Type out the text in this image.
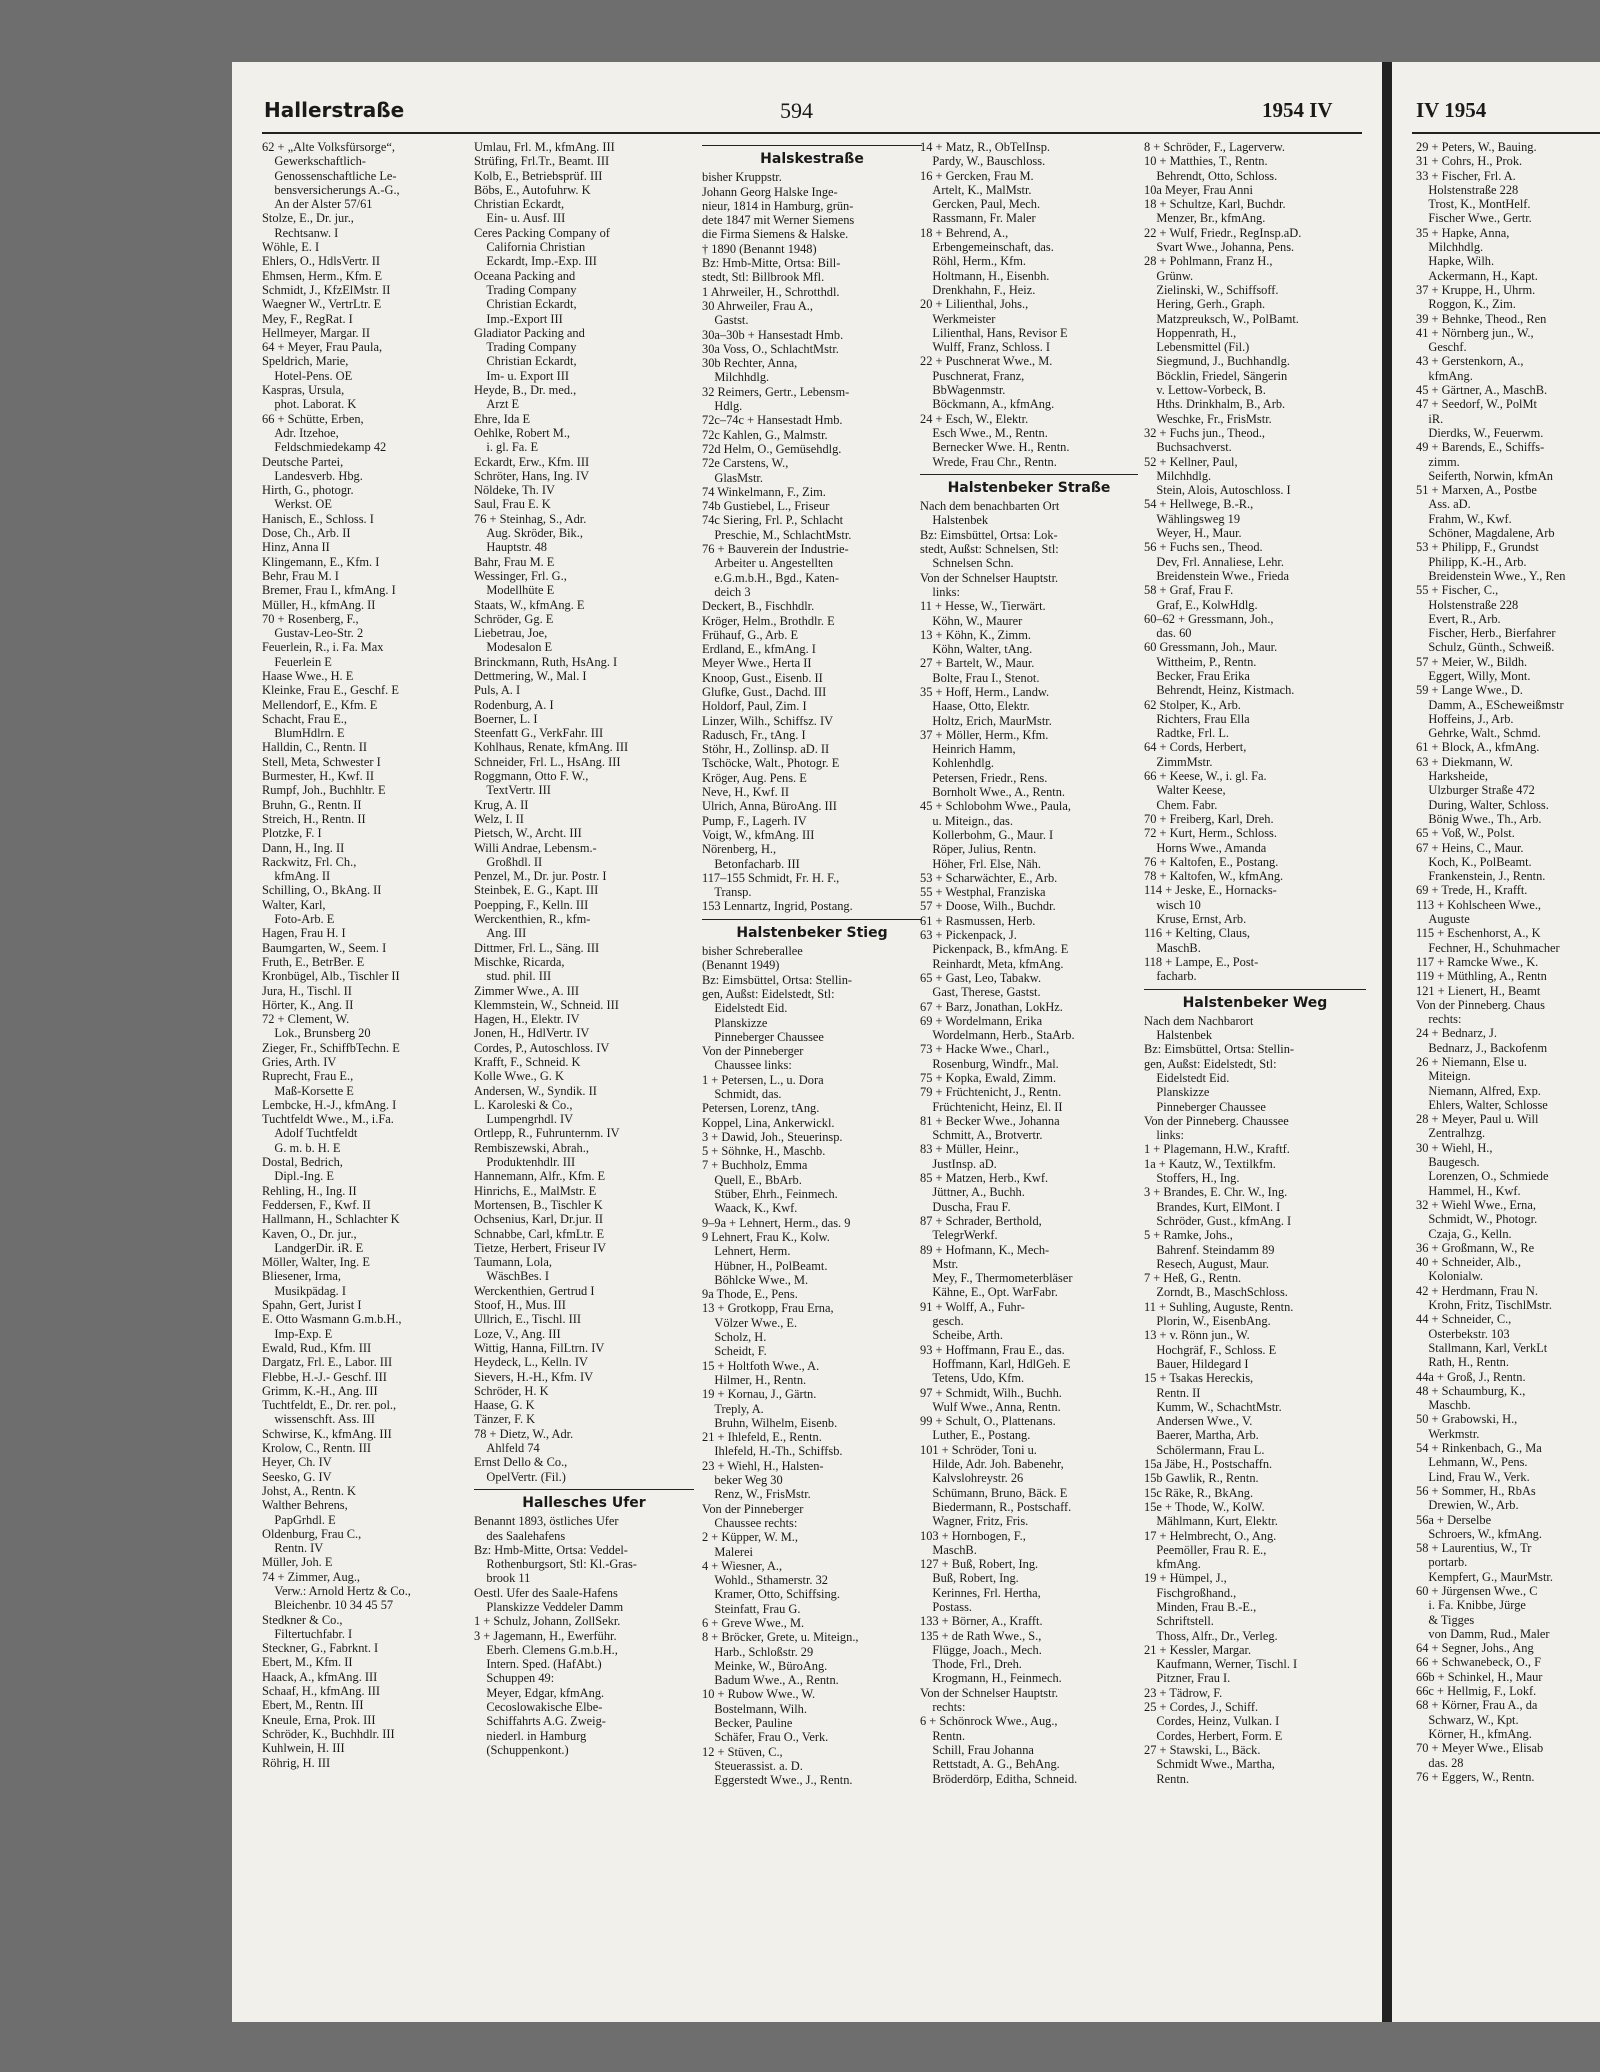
Hallerstraße	594	1954 IV
62 + „Alte Volksfürsorge“,
 Gewerkschaftlich-
 Genossenschaftliche Le-
 bensversicherungs A.-G.,
 An der Alster 57/61
Stolze, E., Dr. jur.,
 Rechtsanw. I
Wöhle, E. I
Ehlers, O., HdlsVertr. II
Ehmsen, Herm., Kfm. E
Schmidt, J., KfzElMstr. II
Waegner W., VertrLtr. E
Mey, F., RegRat. I
Hellmeyer, Margar. II
64 + Meyer, Frau Paula,
Speldrich, Marie,
 Hotel-Pens. OE
Kaspras, Ursula,
 phot. Laborat. K
66 + Schütte, Erben,
 Adr. Itzehoe,
 Feldschmiedekamp 42
Deutsche Partei,
 Landesverb. Hbg.
Hirth, G., photogr.
 Werkst. OE
Hanisch, E., Schloss. I
Dose, Ch., Arb. II
Hinz, Anna II
Klingemann, E., Kfm. I
Behr, Frau M. I
Bremer, Frau I., kfmAng. I
Müller, H., kfmAng. II
70 + Rosenberg, F.,
 Gustav-Leo-Str. 2
Feuerlein, R., i. Fa. Max
 Feuerlein E
Haase Wwe., H. E
Kleinke, Frau E., Geschf. E
Mellendorf, E., Kfm. E
Schacht, Frau E.,
 BlumHdlrn. E
Halldin, C., Rentn. II
Stell, Meta, Schwester I
Burmester, H., Kwf. II
Rumpf, Joh., Buchhltr. E
Bruhn, G., Rentn. II
Streich, H., Rentn. II
Plotzke, F. I
Dann, H., Ing. II
Rackwitz, Frl. Ch.,
 kfmAng. II
Schilling, O., BkAng. II
Walter, Karl,
 Foto-Arb. E
Hagen, Frau H. I
Baumgarten, W., Seem. I
Fruth, E., BetrBer. E
Kronbügel, Alb., Tischler II
Jura, H., Tischl. II
Hörter, K., Ang. II
72 + Clement, W.
 Lok., Brunsberg 20
Zieger, Fr., SchiffbTechn. E
Gries, Arth. IV
Ruprecht, Frau E.,
 Maß-Korsette E
Lembcke, H.-J., kfmAng. I
Tuchtfeldt Wwe., M., i.Fa.
 Adolf Tuchtfeldt
 G. m. b. H. E
Dostal, Bedrich,
 Dipl.-Ing. E
Rehling, H., Ing. II
Feddersen, F., Kwf. II
Hallmann, H., Schlachter K
Kaven, O., Dr. jur.,
 LandgerDir. iR. E
Möller, Walter, Ing. E
Bliesener, Irma,
 Musikpädag. I
Spahn, Gert, Jurist I
E. Otto Wasmann G.m.b.H.,
 Imp-Exp. E
Ewald, Rud., Kfm. III
Dargatz, Frl. E., Labor. III
Flebbe, H.-J.- Geschf. III
Grimm, K.-H., Ang. III
Tuchtfeldt, E., Dr. rer. pol.,
 wissenschft. Ass. III
Schwirse, K., kfmAng. III
Krolow, C., Rentn. III
Heyer, Ch. IV
Seesko, G. IV
Johst, A., Rentn. K
Walther Behrens,
 PapGrhdl. E
Oldenburg, Frau C.,
 Rentn. IV
Müller, Joh. E
74 + Zimmer, Aug.,
 Verw.: Arnold Hertz & Co.,
 Bleichenbr. 10 34 45 57
Stedkner & Co.,
 Filtertuchfabr. I
Steckner, G., Fabrknt. I
Ebert, M., Kfm. II
Haack, A., kfmAng. III
Schaaf, H., kfmAng. III
Ebert, M., Rentn. III
Kneule, Erna, Prok. III
Schröder, K., Buchhdlr. III
Kuhlwein, H. III
Röhrig, H. III
Umlau, Frl. M., kfmAng. III
Strüfing, Frl.Tr., Beamt. III
Kolb, E., Betriebsprüf. III
Böbs, E., Autofuhrw. K
Christian Eckardt,
 Ein- u. Ausf. III
Ceres Packing Company of
 California Christian
 Eckardt, Imp.-Exp. III
Oceana Packing and
 Trading Company
 Christian Eckardt,
 Imp.-Export III
Gladiator Packing and
 Trading Company
 Christian Eckardt,
 Im- u. Export III
Heyde, B., Dr. med.,
 Arzt E
Ehre, Ida E
Oehlke, Robert M.,
 i. gl. Fa. E
Eckardt, Erw., Kfm. III
Schröter, Hans, Ing. IV
Nöldeke, Th. IV
Saul, Frau E. K
76 + Steinhag, S., Adr.
 Aug. Skröder, Bik.,
 Hauptstr. 48
Bahr, Frau M. E
Wessinger, Frl. G.,
 Modellhüte E
Staats, W., kfmAng. E
Schröder, Gg. E
Liebetrau, Joe,
 Modesalon E
Brinckmann, Ruth, HsAng. I
Dettmering, W., Mal. I
Puls, A. I
Rodenburg, A. I
Boerner, L. I
Steenfatt G., VerkFahr. III
Kohlhaus, Renate, kfmAng. III
Schneider, Frl. L., HsAng. III
Roggmann, Otto F. W.,
 TextVertr. III
Krug, A. II
Welz, I. II
Pietsch, W., Archt. III
Willi Andrae, Lebensm.-
 Großhdl. II
Penzel, M., Dr. jur. Postr. I
Steinbek, E. G., Kapt. III
Poepping, F., Kelln. III
Werckenthien, R., kfm-
 Ang. III
Dittmer, Frl. L., Säng. III
Mischke, Ricarda,
 stud. phil. III
Zimmer Wwe., A. III
Klemmstein, W., Schneid. III
Hagen, H., Elektr. IV
Jonen, H., HdlVertr. IV
Cordes, P., Autoschloss. IV
Krafft, F., Schneid. K
Kolle Wwe., G. K
Andersen, W., Syndik. II
L. Karoleski & Co.,
 Lumpengrhdl. IV
Ortlepp, R., Fuhrunternm. IV
Rembiszewski, Abrah.,
 Produktenhdlr. III
Hannemann, Alfr., Kfm. E
Hinrichs, E., MalMstr. E
Mortensen, B., Tischler K
Ochsenius, Karl, Dr.jur. II
Schnabbe, Carl, kfmLtr. E
Tietze, Herbert, Friseur IV
Taumann, Lola,
 WäschBes. I
Werckenthien, Gertrud I
Stoof, H., Mus. III
Ullrich, E., Tischl. III
Loze, V., Ang. III
Wittig, Hanna, FilLtrn. IV
Heydeck, L., Kelln. IV
Sievers, H.-H., Kfm. IV
Schröder, H. K
Haase, G. K
Tänzer, F. K
78 + Dietz, W., Adr.
 Ahlfeld 74
Ernst Dello & Co.,
 OpelVertr. (Fil.)
Hallesches Ufer
Benannt 1893, östliches Ufer
 des Saalehafens
Bz: Hmb-Mitte, Ortsa: Veddel-
 Rothenburgsort, Stl: Kl.-Gras-
 brook 11
Oestl. Ufer des Saale-Hafens
 Planskizze Veddeler Damm
1 + Schulz, Johann, ZollSekr.
3 + Jagemann, H., Ewerführ.
 Eberh. Clemens G.m.b.H.,
 Intern. Sped. (HafAbt.)
 Schuppen 49:
 Meyer, Edgar, kfmAng.
 Cecoslowakische Elbe-
 Schiffahrts A.G. Zweig-
 niederl. in Hamburg
 (Schuppenkont.)
Halskestraße
bisher Kruppstr.
Johann Georg Halske Inge-
nieur, 1814 in Hamburg, grün-
dete 1847 mit Werner Siemens
die Firma Siemens & Halske.
† 1890 (Benannt 1948)
Bz: Hmb-Mitte, Ortsa: Bill-
stedt, Stl: Billbrook Mfl.
1 Ahrweiler, H., Schrotthdl.
30 Ahrweiler, Frau A.,
 Gastst.
30a–30b + Hansestadt Hmb.
30a Voss, O., SchlachtMstr.
30b Rechter, Anna,
 Milchhdlg.
32 Reimers, Gertr., Lebensm-
 Hdlg.
72c–74c + Hansestadt Hmb.
72c Kahlen, G., Malmstr.
72d Helm, O., Gemüsehdlg.
72e Carstens, W.,
 GlasMstr.
74 Winkelmann, F., Zim.
74b Gustiebel, L., Friseur
74c Siering, Frl. P., Schlacht
 Preschie, M., SchlachtMstr.
76 + Bauverein der Industrie-
 Arbeiter u. Angestellten
 e.G.m.b.H., Bgd., Katen-
 deich 3
Deckert, B., Fischhdlr.
Kröger, Helm., Brothdlr. E
Frühauf, G., Arb. E
Erdland, E., kfmAng. I
Meyer Wwe., Herta II
Knoop, Gust., Eisenb. II
Glufke, Gust., Dachd. III
Holdorf, Paul, Zim. I
Linzer, Wilh., Schiffsz. IV
Radusch, Fr., tAng. I
Stöhr, H., Zollinsp. aD. II
Tschöcke, Walt., Photogr. E
Kröger, Aug. Pens. E
Neve, H., Kwf. II
Ulrich, Anna, BüroAng. III
Pump, F., Lagerh. IV
Voigt, W., kfmAng. III
Nörenberg, H.,
 Betonfacharb. III
117–155 Schmidt, Fr. H. F.,
 Transp.
153 Lennartz, Ingrid, Postang.
Halstenbeker Stieg
bisher Schreberallee
(Benannt 1949)
Bz: Eimsbüttel, Ortsa: Stellin-
gen, Außst: Eidelstedt, Stl:
 Eidelstedt Eid.
 Planskizze
 Pinneberger Chaussee
Von der Pinneberger
 Chaussee links:
1 + Petersen, L., u. Dora
 Schmidt, das.
Petersen, Lorenz, tAng.
Koppel, Lina, Ankerwickl.
3 + Dawid, Joh., Steuerinsp.
5 + Söhnke, H., Maschb.
7 + Buchholz, Emma
 Quell, E., BbArb.
 Stüber, Ehrh., Feinmech.
 Waack, K., Kwf.
9–9a + Lehnert, Herm., das. 9
9 Lehnert, Frau K., Kolw.
 Lehnert, Herm.
 Hübner, H., PolBeamt.
 Böhlcke Wwe., M.
9a Thode, E., Pens.
13 + Grotkopp, Frau Erna,
 Völzer Wwe., E.
 Scholz, H.
 Scheidt, F.
15 + Holtfoth Wwe., A.
 Hilmer, H., Rentn.
19 + Kornau, J., Gärtn.
 Treply, A.
 Bruhn, Wilhelm, Eisenb.
21 + Ihlefeld, E., Rentn.
 Ihlefeld, H.-Th., Schiffsb.
23 + Wiehl, H., Halsten-
 beker Weg 30
 Renz, W., FrisMstr.
Von der Pinneberger
 Chaussee rechts:
2 + Küpper, W. M.,
 Malerei
4 + Wiesner, A.,
 Wohld., Sthamerstr. 32
 Kramer, Otto, Schiffsing.
 Steinfatt, Frau G.
6 + Greve Wwe., M.
8 + Bröcker, Grete, u. Miteign.,
 Harb., Schloßstr. 29
 Meinke, W., BüroAng.
 Badum Wwe., A., Rentn.
10 + Rubow Wwe., W.
 Bostelmann, Wilh.
 Becker, Pauline
 Schäfer, Frau O., Verk.
12 + Stüven, C.,
 Steuerassist. a. D.
 Eggerstedt Wwe., J., Rentn.
14 + Matz, R., ObTelInsp.
 Pardy, W., Bauschloss.
16 + Gercken, Frau M.
 Artelt, K., MalMstr.
 Gercken, Paul, Mech.
 Rassmann, Fr. Maler
18 + Behrend, A.,
 Erbengemeinschaft, das.
 Röhl, Herm., Kfm.
 Holtmann, H., Eisenbh.
 Drenkhahn, F., Heiz.
20 + Lilienthal, Johs.,
 Werkmeister
 Lilienthal, Hans, Revisor E
 Wulff, Franz, Schloss. I
22 + Puschnerat Wwe., M.
 Puschnerat, Franz,
 BbWagenmstr.
 Böckmann, A., kfmAng.
24 + Esch, W., Elektr.
 Esch Wwe., M., Rentn.
 Bernecker Wwe. H., Rentn.
 Wrede, Frau Chr., Rentn.
Halstenbeker Straße
Nach dem benachbarten Ort
 Halstenbek
Bz: Eimsbüttel, Ortsa: Lok-
stedt, Außst: Schnelsen, Stl:
 Schnelsen Schn.
Von der Schnelser Hauptstr.
 links:
11 + Hesse, W., Tierwärt.
 Köhn, W., Maurer
13 + Köhn, K., Zimm.
 Köhn, Walter, tAng.
27 + Bartelt, W., Maur.
 Bolte, Frau I., Stenot.
35 + Hoff, Herm., Landw.
 Haase, Otto, Elektr.
 Holtz, Erich, MaurMstr.
37 + Möller, Herm., Kfm.
 Heinrich Hamm,
 Kohlenhdlg.
 Petersen, Friedr., Rens.
 Bornholt Wwe., A., Rentn.
45 + Schlobohm Wwe., Paula,
 u. Miteign., das.
 Kollerbohm, G., Maur. I
 Röper, Julius, Rentn.
 Höher, Frl. Else, Näh.
53 + Scharwächter, E., Arb.
55 + Westphal, Franziska
57 + Doose, Wilh., Buchdr.
61 + Rasmussen, Herb.
63 + Pickenpack, J.
 Pickenpack, B., kfmAng. E
 Reinhardt, Meta, kfmAng.
65 + Gast, Leo, Tabakw.
 Gast, Therese, Gastst.
67 + Barz, Jonathan, LokHz.
69 + Wordelmann, Erika
 Wordelmann, Herb., StaArb.
73 + Hacke Wwe., Charl.,
 Rosenburg, Windfr., Mal.
75 + Kopka, Ewald, Zimm.
79 + Früchtenicht, J., Rentn.
 Früchtenicht, Heinz, El. II
81 + Becker Wwe., Johanna
 Schmitt, A., Brotvertr.
83 + Müller, Heinr.,
 JustInsp. aD.
85 + Matzen, Herb., Kwf.
 Jüttner, A., Buchh.
 Duscha, Frau F.
87 + Schrader, Berthold,
 TelegrWerkf.
89 + Hofmann, K., Mech-
 Mstr.
 Mey, F., Thermometerbläser
 Kähne, E., Opt. WarFabr.
91 + Wolff, A., Fuhr-
 gesch.
 Scheibe, Arth.
93 + Hoffmann, Frau E., das.
 Hoffmann, Karl, HdlGeh. E
 Tetens, Udo, Kfm.
97 + Schmidt, Wilh., Buchh.
 Wulf Wwe., Anna, Rentn.
99 + Schult, O., Plattenans.
 Luther, E., Postang.
101 + Schröder, Toni u.
 Hilde, Adr. Joh. Babenehr,
 Kalvslohreystr. 26
 Schümann, Bruno, Bäck. E
 Biedermann, R., Postschaff.
 Wagner, Fritz, Fris.
103 + Hornbogen, F.,
 MaschB.
127 + Buß, Robert, Ing.
 Buß, Robert, Ing.
 Kerinnes, Frl. Hertha,
 Postass.
133 + Börner, A., Krafft.
135 + de Rath Wwe., S.,
 Flügge, Joach., Mech.
 Thode, Frl., Dreh.
 Krogmann, H., Feinmech.
Von der Schnelser Hauptstr.
 rechts:
6 + Schönrock Wwe., Aug.,
 Rentn.
 Schill, Frau Johanna
 Rettstadt, A. G., BehAng.
 Bröderdörp, Editha, Schneid.
8 + Schröder, F., Lagerverw.
10 + Matthies, T., Rentn.
 Behrendt, Otto, Schloss.
10a Meyer, Frau Anni
18 + Schultze, Karl, Buchdr.
 Menzer, Br., kfmAng.
22 + Wulf, Friedr., RegInsp.aD.
 Svart Wwe., Johanna, Pens.
28 + Pohlmann, Franz H.,
 Grünw.
 Zielinski, W., Schiffsoff.
 Hering, Gerh., Graph.
 Matzpreuksch, W., PolBamt.
 Hoppenrath, H.,
 Lebensmittel (Fil.)
 Siegmund, J., Buchhandlg.
 Böcklin, Friedel, Sängerin
 v. Lettow-Vorbeck, B.
 Hths. Drinkhalm, B., Arb.
 Weschke, Fr., FrisMstr.
32 + Fuchs jun., Theod.,
 Buchsachverst.
52 + Kellner, Paul,
 Milchhdlg.
 Stein, Alois, Autoschloss. I
54 + Hellwege, B.-R.,
 Wählingsweg 19
 Weyer, H., Maur.
56 + Fuchs sen., Theod.
 Dev, Frl. Annaliese, Lehr.
 Breidenstein Wwe., Frieda
58 + Graf, Frau F.
 Graf, E., KolwHdlg.
60–62 + Gressmann, Joh.,
 das. 60
60 Gressmann, Joh., Maur.
 Wittheim, P., Rentn.
 Becker, Frau Erika
 Behrendt, Heinz, Kistmach.
62 Stolper, K., Arb.
 Richters, Frau Ella
 Radtke, Frl. L.
64 + Cords, Herbert,
 ZimmMstr.
66 + Keese, W., i. gl. Fa.
 Walter Keese,
 Chem. Fabr.
70 + Freiberg, Karl, Dreh.
72 + Kurt, Herm., Schloss.
 Horns Wwe., Amanda
76 + Kaltofen, E., Postang.
78 + Kaltofen, W., kfmAng.
114 + Jeske, E., Hornacks-
 wisch 10
 Kruse, Ernst, Arb.
116 + Kelting, Claus,
 MaschB.
118 + Lampe, E., Post-
 facharb.
Halstenbeker Weg
Nach dem Nachbarort
 Halstenbek
Bz: Eimsbüttel, Ortsa: Stellin-
gen, Außst: Eidelstedt, Stl:
 Eidelstedt Eid.
 Planskizze
 Pinneberger Chaussee
Von der Pinneberg. Chaussee
 links:
1 + Plagemann, H.W., Kraftf.
1a + Kautz, W., Textilkfm.
 Stoffers, H., Ing.
3 + Brandes, E. Chr. W., Ing.
 Brandes, Kurt, ElMont. I
 Schröder, Gust., kfmAng. I
5 + Ramke, Johs.,
 Bahrenf. Steindamm 89
 Resech, August, Maur.
7 + Heß, G., Rentn.
 Zorndt, B., MaschSchloss.
11 + Suhling, Auguste, Rentn.
 Plorin, W., EisenbAng.
13 + v. Rönn jun., W.
 Hochgräf, F., Schloss. E
 Bauer, Hildegard I
15 + Tsakas Hereckis,
 Rentn. II
 Kumm, W., SchachtMstr.
 Andersen Wwe., V.
 Baerer, Martha, Arb.
 Schölermann, Frau L.
15a Jäbe, H., Postschaffn.
15b Gawlik, R., Rentn.
15c Räke, R., BkAng.
15e + Thode, W., KolW.
 Mählmann, Kurt, Elektr.
17 + Helmbrecht, O., Ang.
 Peemöller, Frau R. E.,
 kfmAng.
19 + Hümpel, J.,
 Fischgroßhand.,
 Minden, Frau B.-E.,
 Schriftstell.
 Thoss, Alfr., Dr., Verleg.
21 + Kessler, Margar.
 Kaufmann, Werner, Tischl. I
 Pitzner, Frau I.
23 + Tädrow, F.
25 + Cordes, J., Schiff.
 Cordes, Heinz, Vulkan. I
 Cordes, Herbert, Form. E
27 + Stawski, L., Bäck.
 Schmidt Wwe., Martha,
 Rentn.
IV 1954
29 + Peters, W., Bauing.
31 + Cohrs, H., Prok.
33 + Fischer, Frl. A.
 Holstenstraße 228
 Trost, K., MontHelf.
 Fischer Wwe., Gertr.
35 + Hapke, Anna,
 Milchhdlg.
 Hapke, Wilh.
 Ackermann, H., Kapt.
37 + Kruppe, H., Uhrm.
 Roggon, K., Zim.
39 + Behnke, Theod., Ren
41 + Nörnberg jun., W.,
 Geschf.
43 + Gerstenkorn, A.,
 kfmAng.
45 + Gärtner, A., MaschB.
47 + Seedorf, W., PolMt
 iR.
 Dierdks, W., Feuerwm.
49 + Barends, E., Schiffs-
 zimm.
 Seiferth, Norwin, kfmAn
51 + Marxen, A., Postbe
 Ass. aD.
 Frahm, W., Kwf.
 Schöner, Magdalene, Arb
53 + Philipp, F., Grundst
 Philipp, K.-H., Arb.
 Breidenstein Wwe., Y., Ren
55 + Fischer, C.,
 Holstenstraße 228
 Evert, R., Arb.
 Fischer, Herb., Bierfahrer
 Schulz, Günth., Schweiß.
57 + Meier, W., Bildh.
 Eggert, Willy, Mont.
59 + Lange Wwe., D.
 Damm, A., EScheweißmstr
 Hoffeins, J., Arb.
 Gehrke, Walt., Schmd.
61 + Block, A., kfmAng.
63 + Diekmann, W.
 Harksheide,
 Ulzburger Straße 472
 During, Walter, Schloss.
 Bönig Wwe., Th., Arb.
65 + Voß, W., Polst.
67 + Heins, C., Maur.
 Koch, K., PolBeamt.
 Frankenstein, J., Rentn.
69 + Trede, H., Krafft.
113 + Kohlscheen Wwe.,
 Auguste
115 + Eschenhorst, A., K
 Fechner, H., Schuhmacher
117 + Ramcke Wwe., K.
119 + Müthling, A., Rentn
121 + Lienert, H., Beamt
Von der Pinneberg. Chaus
 rechts:
24 + Bednarz, J.
 Bednarz, J., Backofenm
26 + Niemann, Else u.
 Miteign.
 Niemann, Alfred, Exp.
 Ehlers, Walter, Schlosse
28 + Meyer, Paul u. Will
 Zentralhzg.
30 + Wiehl, H.,
 Baugesch.
 Lorenzen, O., Schmiede
 Hammel, H., Kwf.
32 + Wiehl Wwe., Erna,
 Schmidt, W., Photogr.
 Czaja, G., Kelln.
36 + Großmann, W., Re
40 + Schneider, Alb.,
 Kolonialw.
42 + Herdmann, Frau N.
 Krohn, Fritz, TischlMstr.
44 + Schneider, C.,
 Osterbekstr. 103
 Stallmann, Karl, VerkLt
 Rath, H., Rentn.
44a + Groß, J., Rentn.
48 + Schaumburg, K.,
 Maschb.
50 + Grabowski, H.,
 Werkmstr.
54 + Rinkenbach, G., Ma
 Lehmann, W., Pens.
 Lind, Frau W., Verk.
56 + Sommer, H., RbAs
 Drewien, W., Arb.
56a + Derselbe
 Schroers, W., kfmAng.
58 + Laurentius, W., Tr
 portarb.
 Kempfert, G., MaurMstr.
60 + Jürgensen Wwe., C
 i. Fa. Knibbe, Jürge
 & Tigges
 von Damm, Rud., Maler
64 + Segner, Johs., Ang
66 + Schwanebeck, O., F
66b + Schinkel, H., Maur
66c + Hellmig, F., Lokf.
68 + Körner, Frau A., da
 Schwarz, W., Kpt.
 Körner, H., kfmAng.
70 + Meyer Wwe., Elisab
 das. 28
76 + Eggers, W., Rentn.
